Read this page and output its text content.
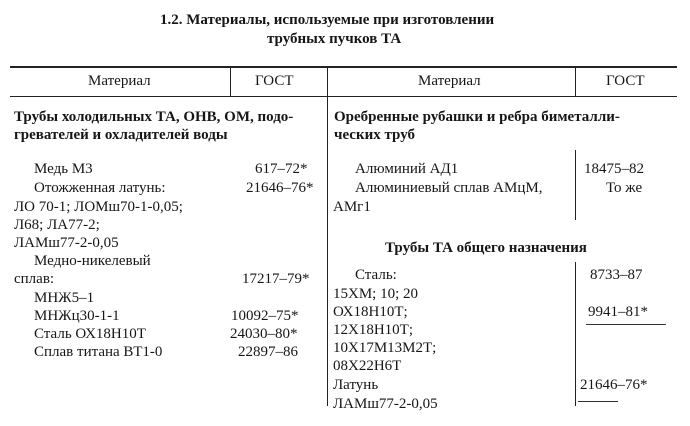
1.2. Материалы, используемые при изготовлении
трубных пучков ТА
Материал	ГОСТ	Материал	ГОСТ
Трубы холодильных ТА, ОНВ, ОМ, подо-
гревателей и охладителей воды
Медь М3	617–72*
Отожженная латунь:	21646–76*
ЛО 70-1; ЛОМш70-1-0,05;
Л68; ЛА77-2;
ЛАМш77-2-0,05
Медно-никелевый
сплав:	17217–79*
МНЖ5–1
МНЖц30-1-1	10092–75*
Сталь ОХ18Н10Т	24030–80*
Сплав титана ВТ1-0	22897–86
Оребренные рубашки и ребра биметалли-
ческих труб
Алюминий АД1	18475–82
Алюминиевый сплав АМцМ,	То же
АМг1
Трубы ТА общего назначения
Сталь:	8733–87
15ХМ; 10; 20
ОХ18Н10Т;	9941–81*
12Х18Н10Т;
10Х17М13М2Т;
08Х22Н6Т
Латунь	21646–76*
ЛАМш77-2-0,05
